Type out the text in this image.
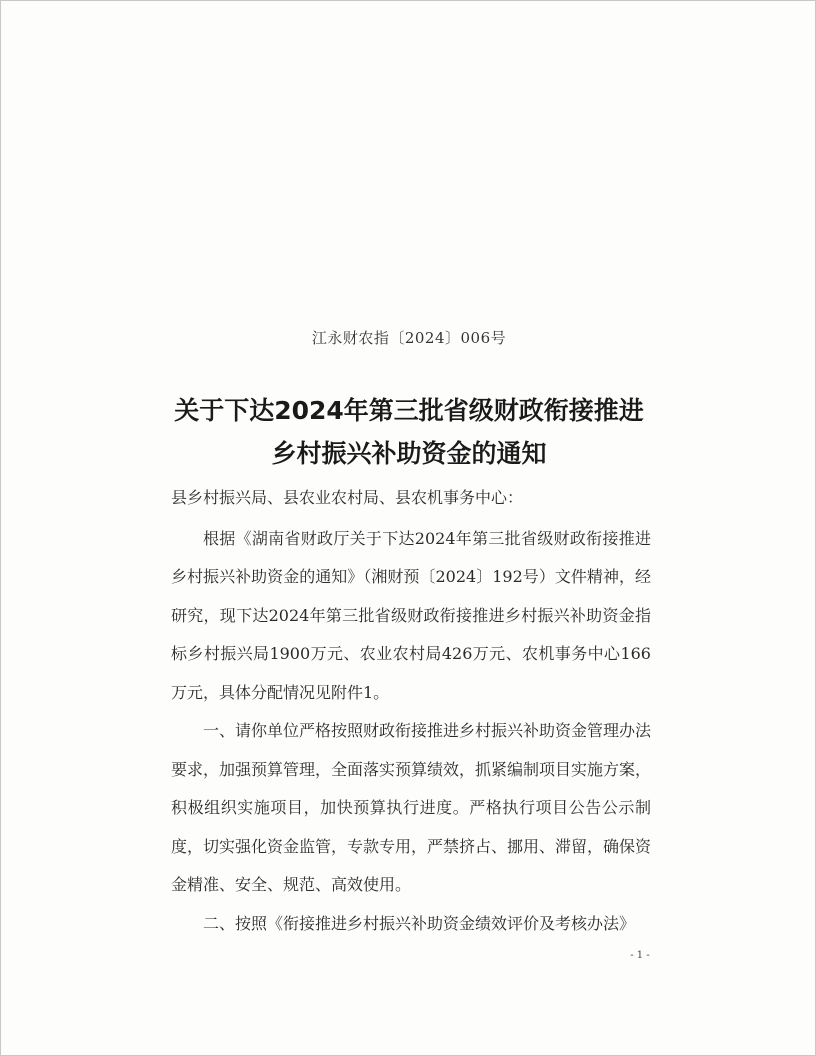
江永财农指〔2024〕006号
关于下达2024年第三批省级财政衔接推进
乡村振兴补助资金的通知

县乡村振兴局、县农业农村局、县农机事务中心：

根据《湖南省财政厅关于下达2024年第三批省级财政衔接推进乡村振兴补助资金的通知》（湘财预〔2024〕192号）文件精神，经研究，现下达2024年第三批省级财政衔接推进乡村振兴补助资金指标乡村振兴局1900万元、农业农村局426万元、农机事务中心166万元，具体分配情况见附件1。

一、请你单位严格按照财政衔接推进乡村振兴补助资金管理办法要求，加强预算管理，全面落实预算绩效，抓紧编制项目实施方案，积极组织实施项目，加快预算执行进度。严格执行项目公告公示制度，切实强化资金监管，专款专用，严禁挤占、挪用、滞留，确保资金精准、安全、规范、高效使用。

二、按照《衔接推进乡村振兴补助资金绩效评价及考核办法》

- 1 -
